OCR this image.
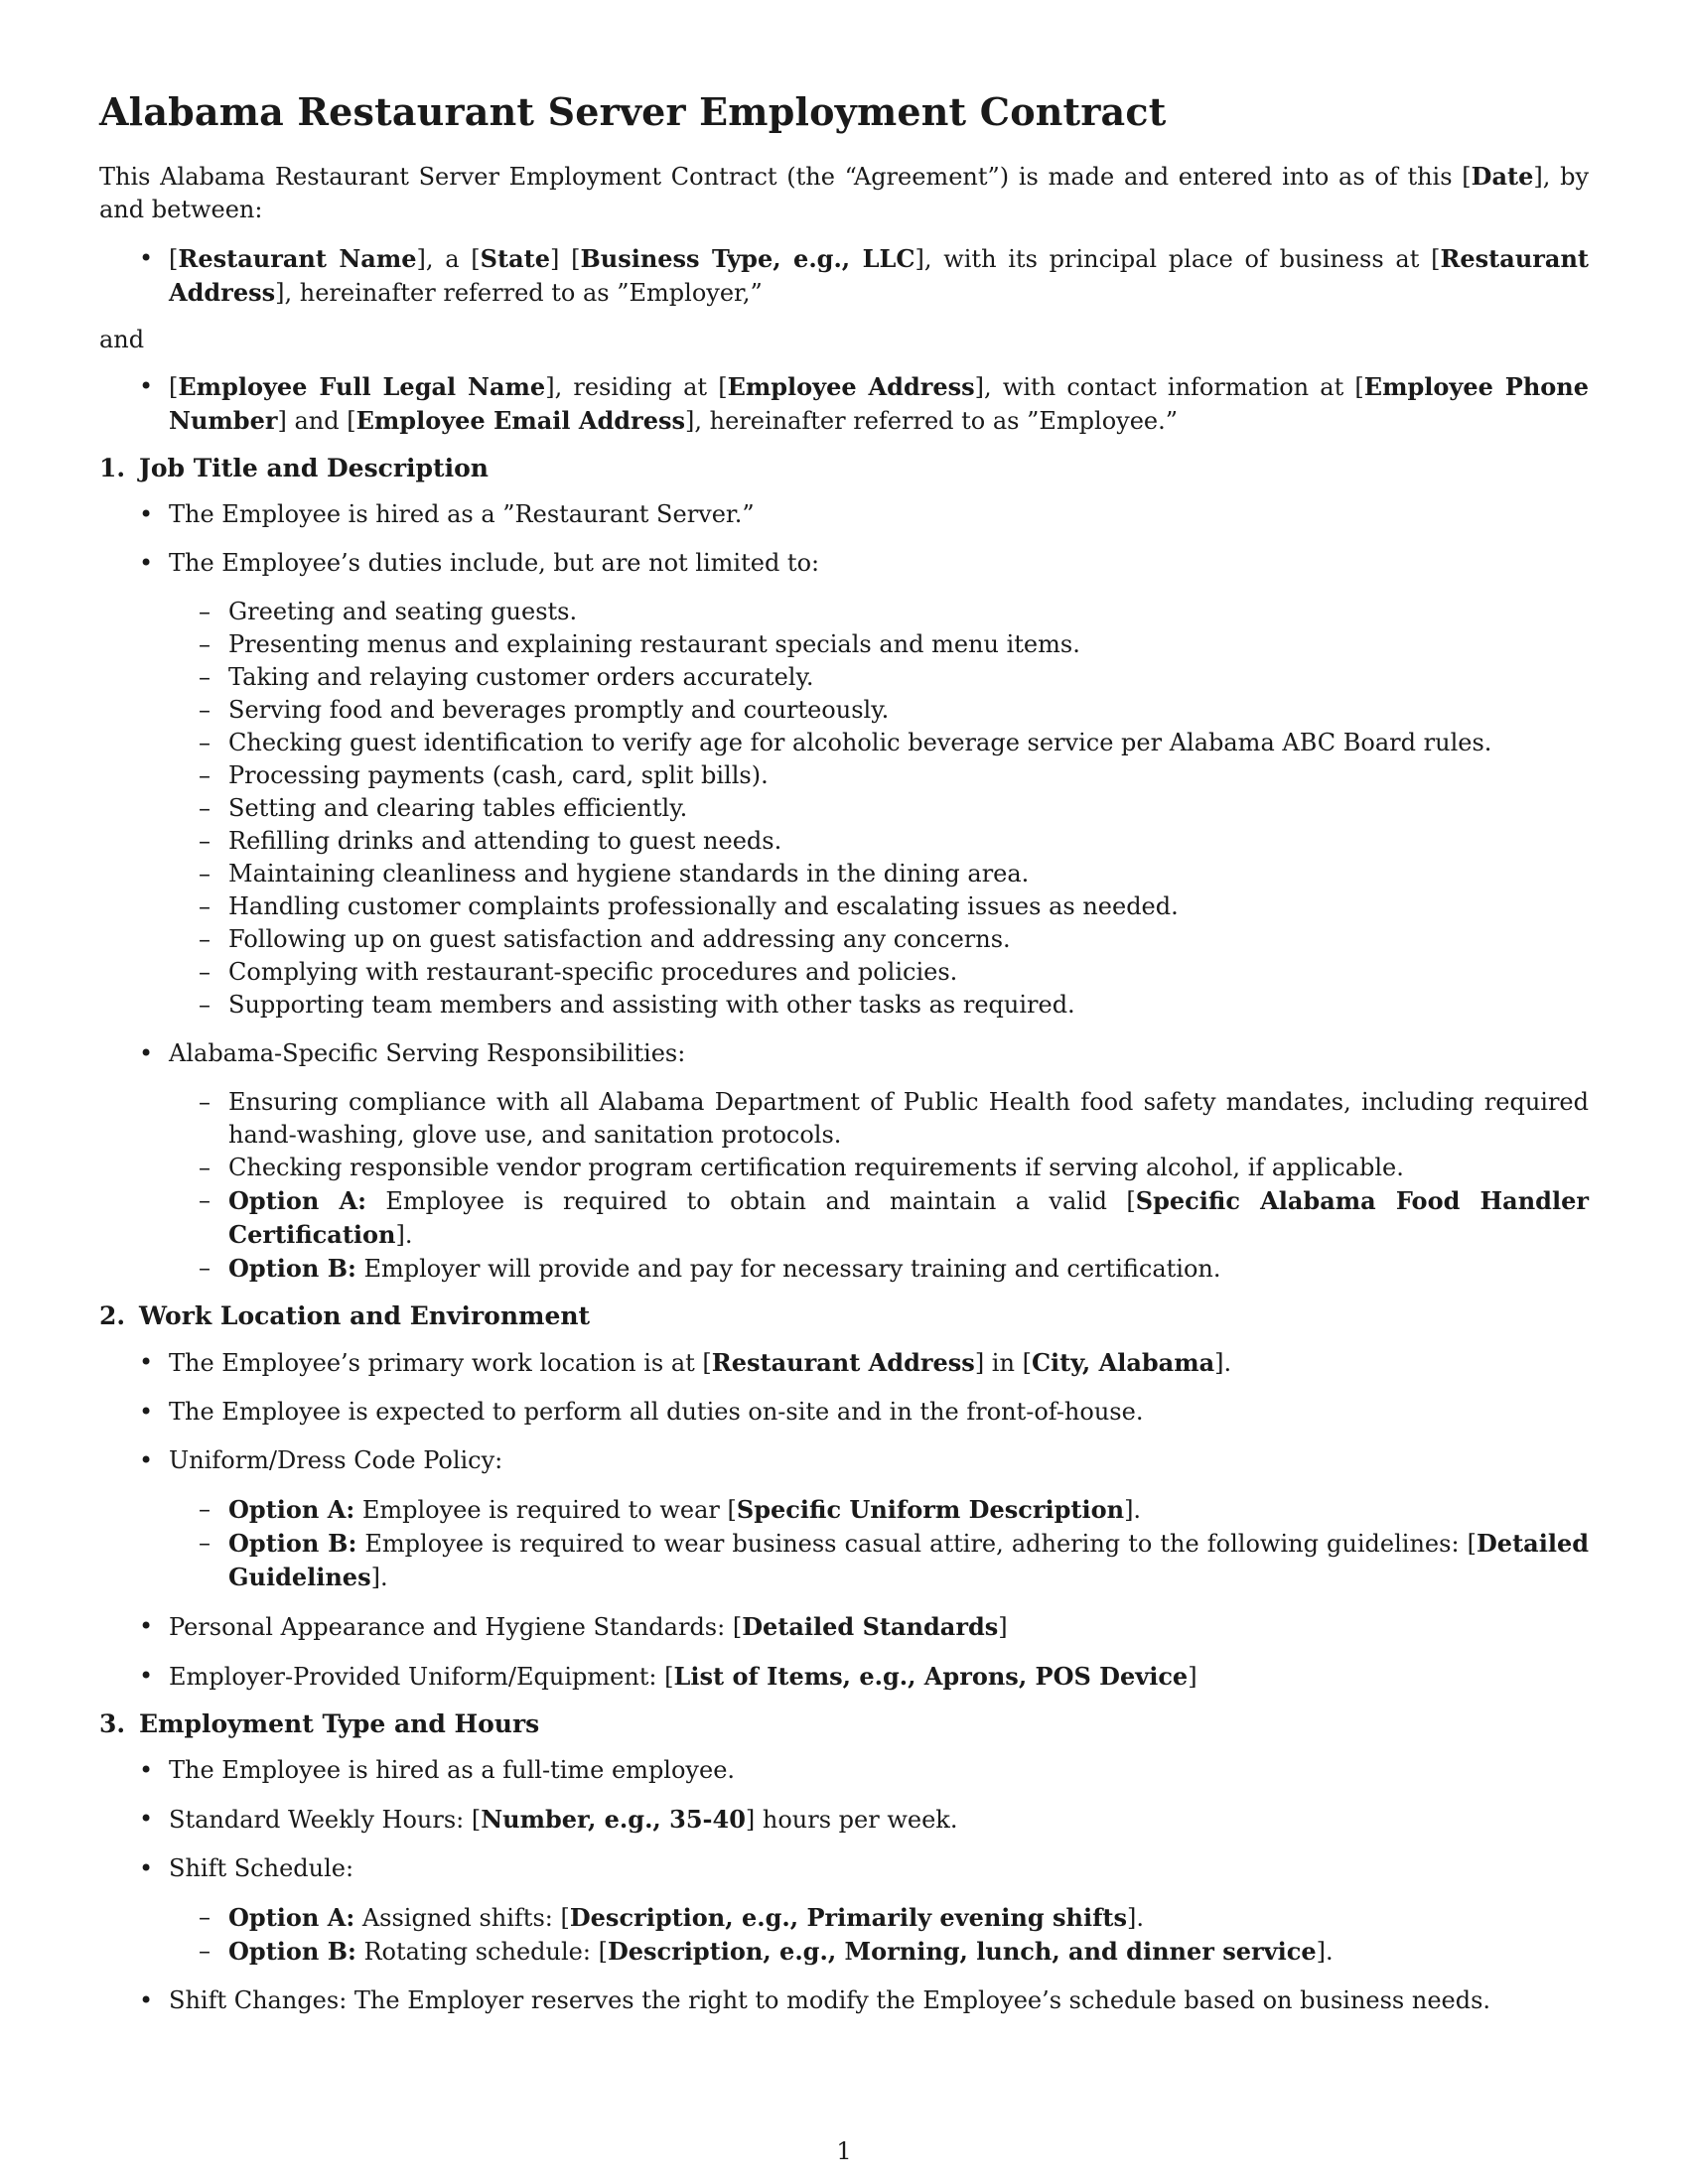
Alabama Restaurant Server Employment Contract

This Alabama Restaurant Server Employment Contract (the “Agreement”) is made and entered into as of this [Date], by and between:

• [Restaurant Name], a [State] [Business Type, e.g., LLC], with its principal place of business at [Restaurant Address], hereinafter referred to as ”Employer,”

and

• [Employee Full Legal Name], residing at [Employee Address], with contact information at [Employee Phone Number] and [Employee Email Address], hereinafter referred to as ”Employee.”
1. Job Title and Description
• The Employee is hired as a ”Restaurant Server.”
• The Employee’s duties include, but are not limited to:
– Greeting and seating guests.
– Presenting menus and explaining restaurant specials and menu items.
– Taking and relaying customer orders accurately.
– Serving food and beverages promptly and courteously.
– Checking guest identification to verify age for alcoholic beverage service per Alabama ABC Board rules.
– Processing payments (cash, card, split bills).
– Setting and clearing tables efficiently.
– Refilling drinks and attending to guest needs.
– Maintaining cleanliness and hygiene standards in the dining area.
– Handling customer complaints professionally and escalating issues as needed.
– Following up on guest satisfaction and addressing any concerns.
– Complying with restaurant-specific procedures and policies.
– Supporting team members and assisting with other tasks as required.
• Alabama-Specific Serving Responsibilities:
– Ensuring compliance with all Alabama Department of Public Health food safety mandates, including required hand-washing, glove use, and sanitation protocols.
– Checking responsible vendor program certification requirements if serving alcohol, if applicable.
– Option A: Employee is required to obtain and maintain a valid [Specific Alabama Food Handler Certification].
– Option B: Employer will provide and pay for necessary training and certification.
2. Work Location and Environment
• The Employee’s primary work location is at [Restaurant Address] in [City, Alabama].
• The Employee is expected to perform all duties on-site and in the front-of-house.
• Uniform/Dress Code Policy:
– Option A: Employee is required to wear [Specific Uniform Description].
– Option B: Employee is required to wear business casual attire, adhering to the following guidelines: [Detailed Guidelines].
• Personal Appearance and Hygiene Standards: [Detailed Standards]
• Employer-Provided Uniform/Equipment: [List of Items, e.g., Aprons, POS Device]
3. Employment Type and Hours
• The Employee is hired as a full-time employee.
• Standard Weekly Hours: [Number, e.g., 35-40] hours per week.
• Shift Schedule:
– Option A: Assigned shifts: [Description, e.g., Primarily evening shifts].
– Option B: Rotating schedule: [Description, e.g., Morning, lunch, and dinner service].
• Shift Changes: The Employer reserves the right to modify the Employee’s schedule based on business needs.
1
